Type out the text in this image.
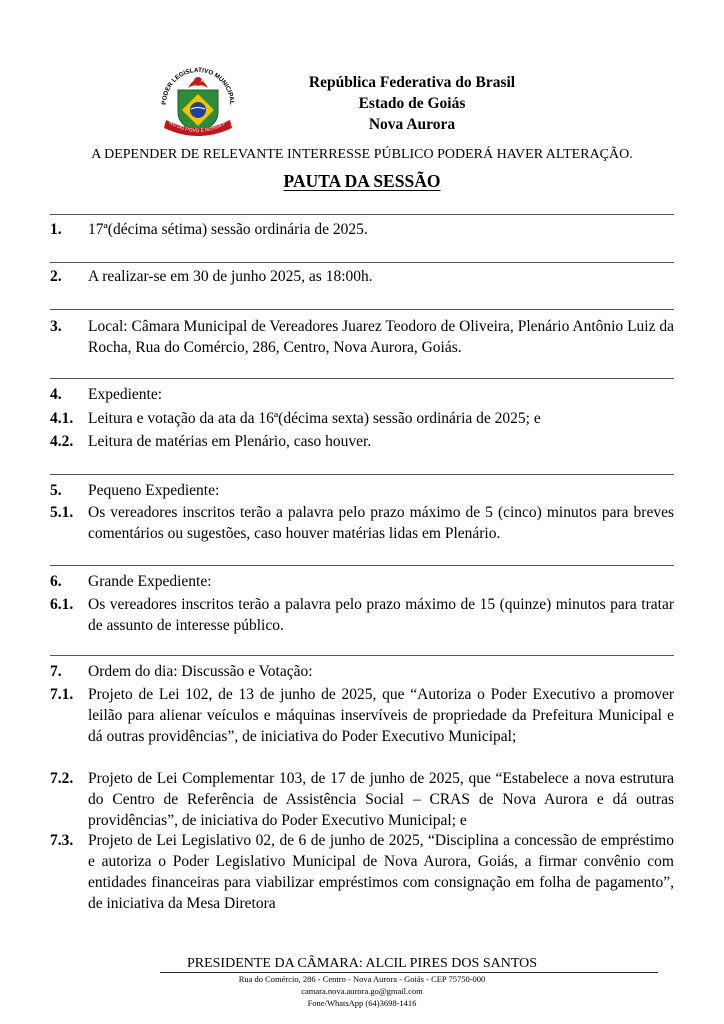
PODER LEGISLATIVO MUNICIPAL
ÃO DO POVO É NOSSA F
República Federativa do Brasil
Estado de Goiás
Nova Aurora
A DEPENDER DE RELEVANTE INTERRESSE PÚBLICO PODERÁ HAVER ALTERAÇÃO.
PAUTA DA SESSÃO
1. 17ª(décima sétima) sessão ordinária de 2025.
2. A realizar-se em 30 de junho 2025, as 18:00h.
3. Local: Câmara Municipal de Vereadores Juarez Teodoro de Oliveira, Plenário Antônio Luiz da Rocha, Rua do Comércio, 286, Centro, Nova Aurora, Goiás.
4. Expediente:
4.1. Leitura e votação da ata da 16ª(décima sexta) sessão ordinária de 2025; e
4.2. Leitura de matérias em Plenário, caso houver.
5. Pequeno Expediente:
5.1. Os vereadores inscritos terão a palavra pelo prazo máximo de 5 (cinco) minutos para breves comentários ou sugestões, caso houver matérias lidas em Plenário.
6. Grande Expediente:
6.1. Os vereadores inscritos terão a palavra pelo prazo máximo de 15 (quinze) minutos para tratar de assunto de interesse público.
7. Ordem do dia: Discussão e Votação:
7.1. Projeto de Lei 102, de 13 de junho de 2025, que “Autoriza o Poder Executivo a promover leilão para alienar veículos e máquinas inservíveis de propriedade da Prefeitura Municipal e dá outras providências”, de iniciativa do Poder Executivo Municipal;
7.2. Projeto de Lei Complementar 103, de 17 de junho de 2025, que “Estabelece a nova estrutura do Centro de Referência de Assistência Social – CRAS de Nova Aurora e dá outras providências”, de iniciativa do Poder Executivo Municipal; e
7.3. Projeto de Lei Legislativo 02, de 6 de junho de 2025, “Disciplina a concessão de empréstimo e autoriza o Poder Legislativo Municipal de Nova Aurora, Goiás, a firmar convênio com entidades financeiras para viabilizar empréstimos com consignação em folha de pagamento”, de iniciativa da Mesa Diretora
PRESIDENTE DA CÂMARA: ALCIL PIRES DOS SANTOS
Rua do Comércio, 286 - Centro - Nova Aurora - Goiás - CEP 75750-000
camara.nova.aurora.go@gmail.com
Fone/WhatsApp (64)3698-1416
